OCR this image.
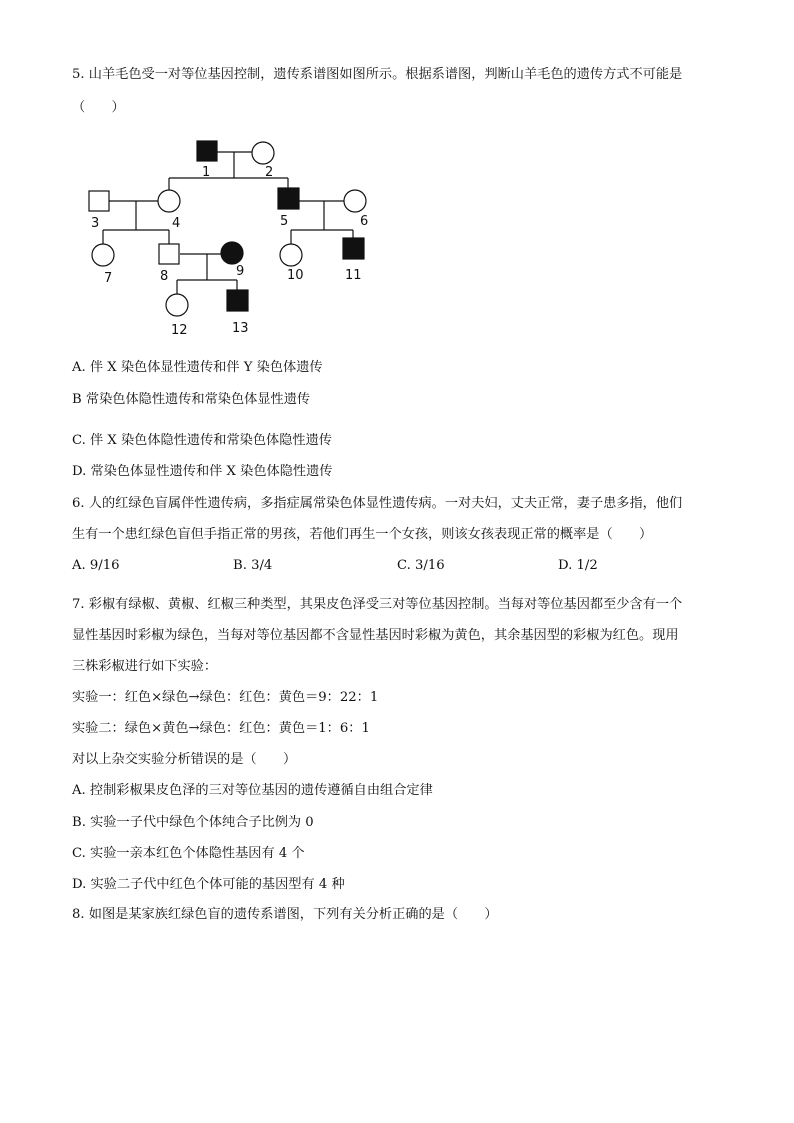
5. 山羊毛色受一对等位基因控制，遗传系谱图如图所示。根据系谱图，判断山羊毛色的遗传方式不可能是
（　　）
1	2
3	4	5	6
7	8	9	10	11
12	13
A. 伴 X 染色体显性遗传和伴 Y 染色体遗传
B 常染色体隐性遗传和常染色体显性遗传
C. 伴 X 染色体隐性遗传和常染色体隐性遗传
D. 常染色体显性遗传和伴 X 染色体隐性遗传
6. 人的红绿色盲属伴性遗传病，多指症属常染色体显性遗传病。一对夫妇，丈夫正常，妻子患多指，他们
生有一个患红绿色盲但手指正常的男孩，若他们再生一个女孩，则该女孩表现正常的概率是（　　）
A. 9/16	B. 3/4	C. 3/16	D. 1/2
7. 彩椒有绿椒、黄椒、红椒三种类型，其果皮色泽受三对等位基因控制。当每对等位基因都至少含有一个
显性基因时彩椒为绿色，当每对等位基因都不含显性基因时彩椒为黄色，其余基因型的彩椒为红色。现用
三株彩椒进行如下实验：
实验一：红色×绿色→绿色：红色：黄色＝9：22：1
实验二：绿色×黄色→绿色：红色：黄色＝1：6：1
对以上杂交实验分析错误的是（　　）
A. 控制彩椒果皮色泽的三对等位基因的遗传遵循自由组合定律
B. 实验一子代中绿色个体纯合子比例为 0
C. 实验一亲本红色个体隐性基因有 4 个
D. 实验二子代中红色个体可能的基因型有 4 种
8. 如图是某家族红绿色盲的遗传系谱图，下列有关分析正确的是（　　）
